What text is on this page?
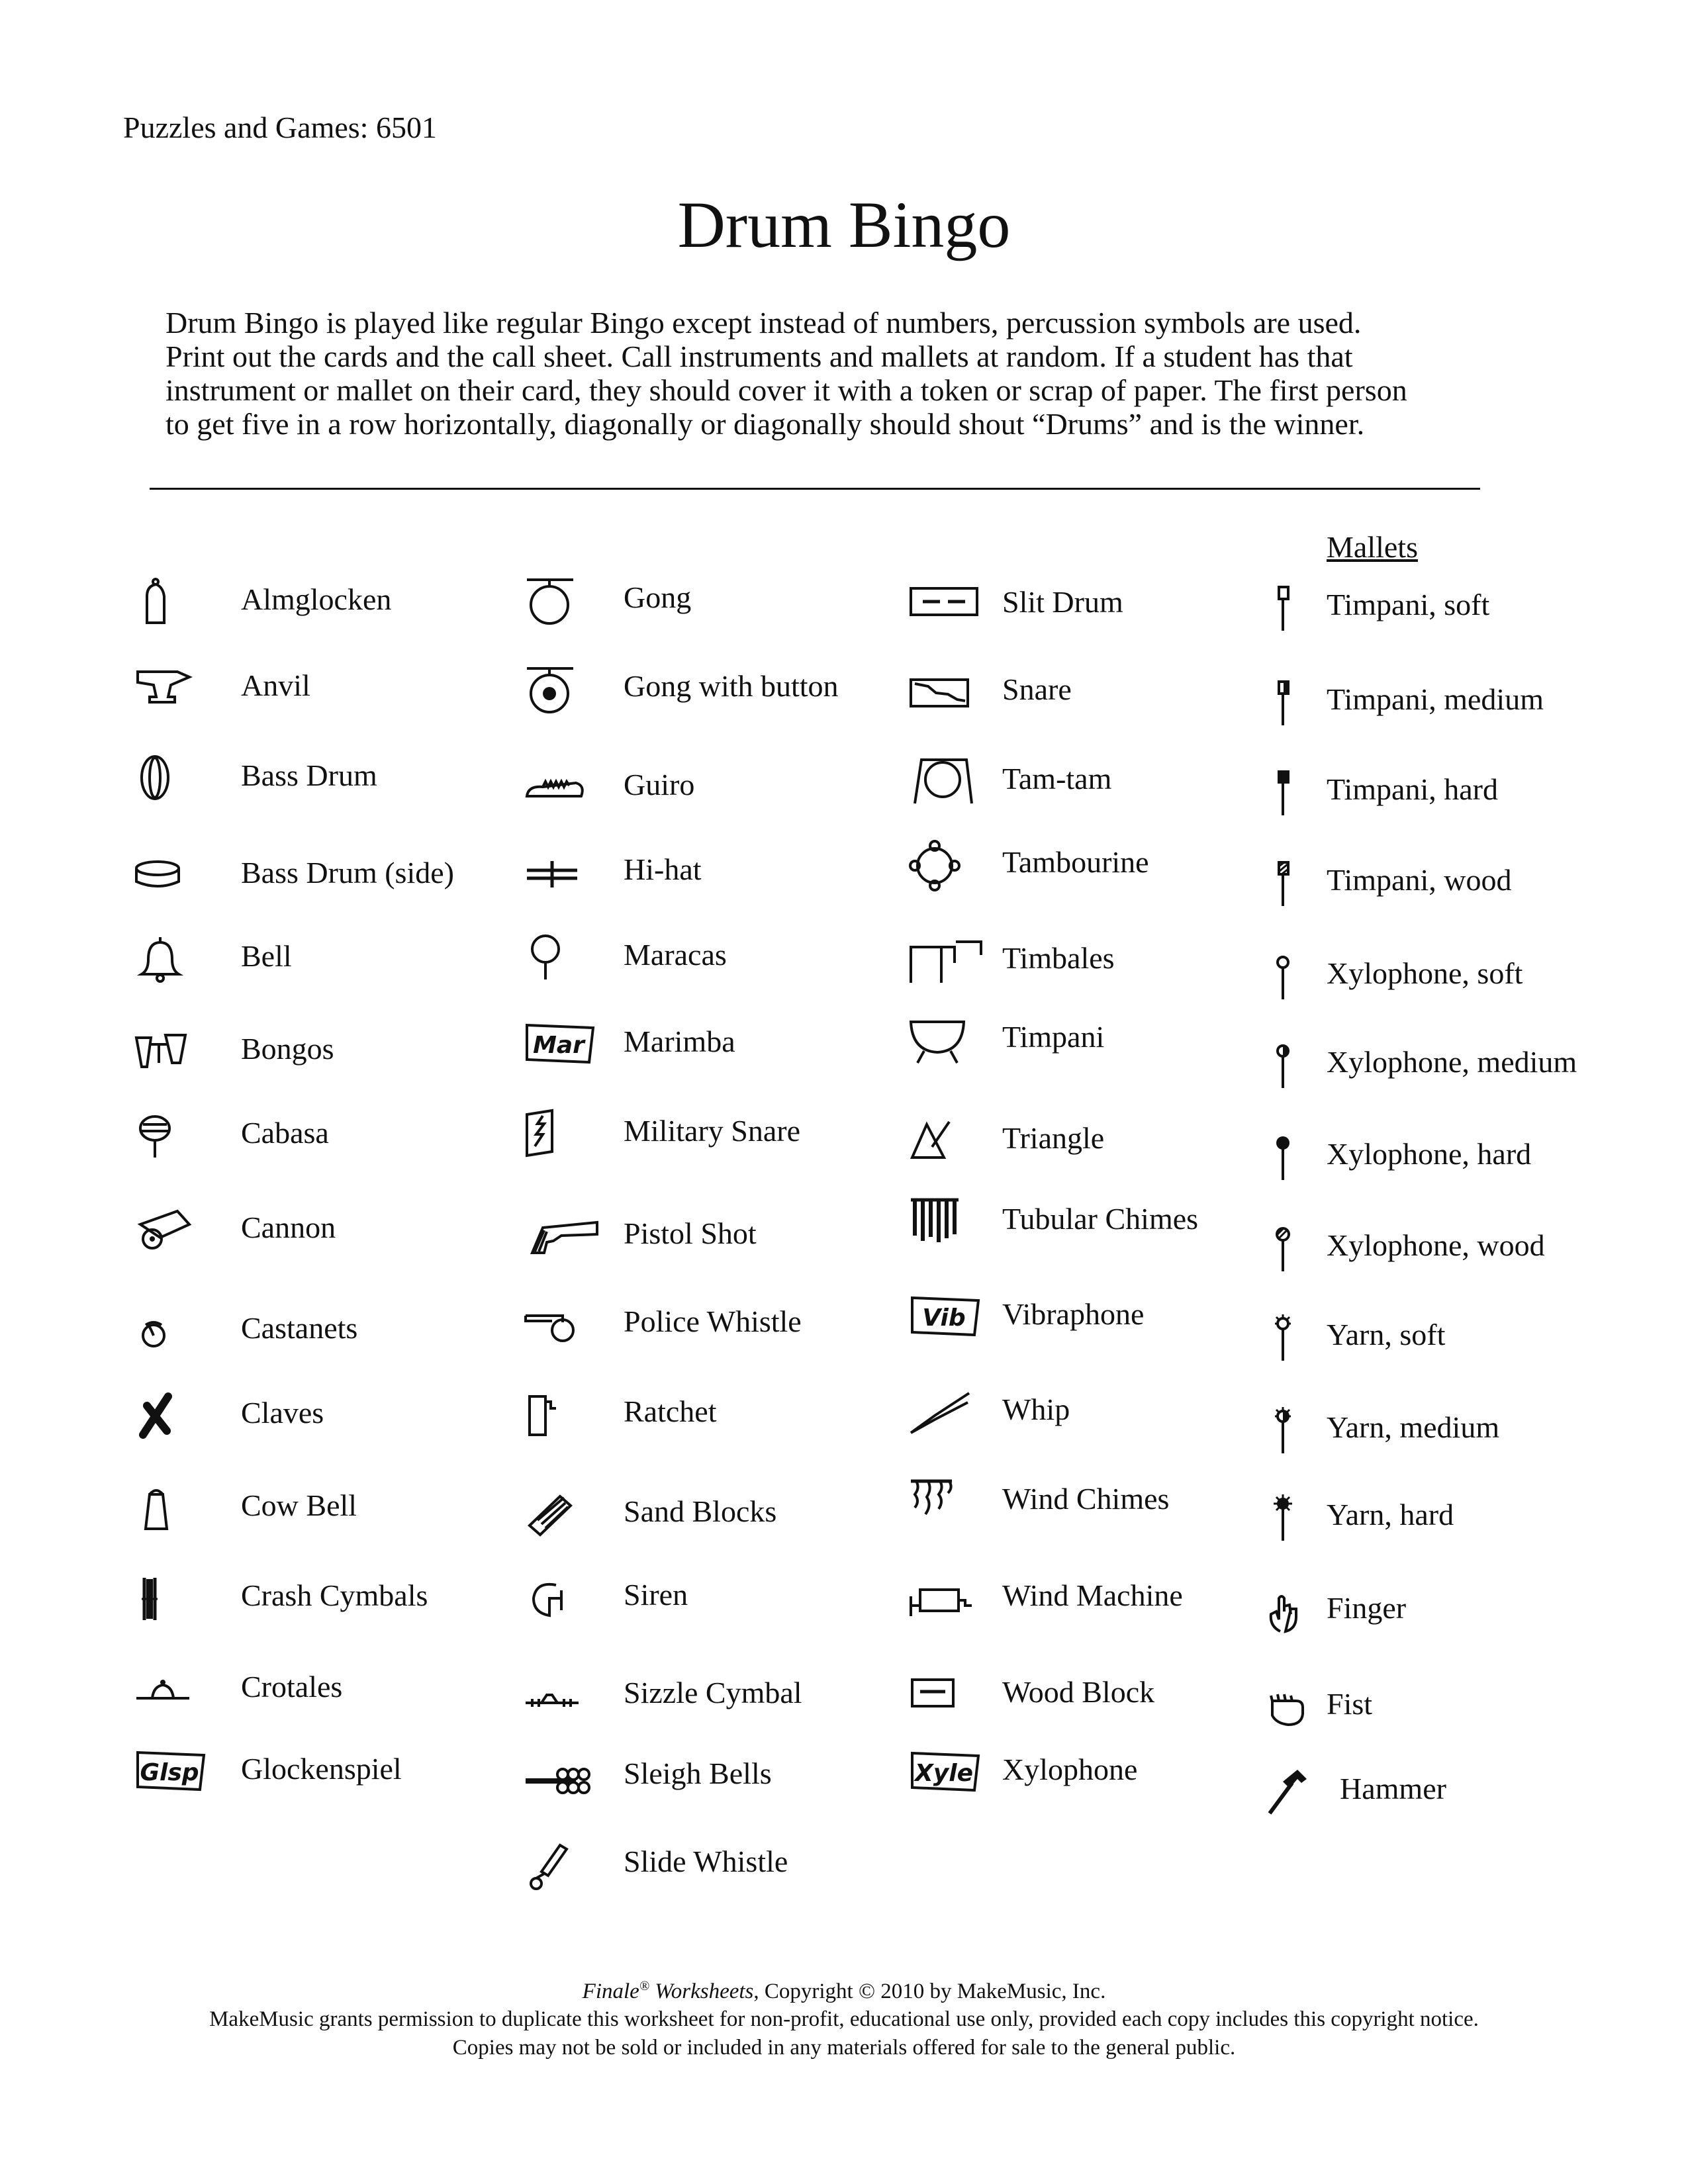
Puzzles and Games: 6501
Drum Bingo
Drum Bingo is played like regular Bingo except instead of numbers, percussion symbols are used.
Print out the cards and the call sheet. Call instruments and mallets at random. If a student has that
instrument or mallet on their card, they should cover it with a token or scrap of paper. The first person
to get five in a row horizontally, diagonally or diagonally should shout “Drums” and is the winner.
Mallets
Almglocken
Anvil
Bass Drum
Bass Drum (side)
Bell
Bongos
Cabasa
Cannon
Castanets
Claves
Cow Bell
Crash Cymbals
Crotales
Glsp Glockenspiel
Gong
Gong with button
Guiro
Hi-hat
Maracas
Mar Marimba
Military Snare
Pistol Shot
Police Whistle
Ratchet
Sand Blocks
Siren
Sizzle Cymbal
Sleigh Bells
Slide Whistle
Slit Drum
Snare
Tam-tam
Tambourine
Timbales
Timpani
Triangle
Tubular Chimes
Vib Vibraphone
Whip
Wind Chimes
Wind Machine
Wood Block
Xyle Xylophone
Timpani, soft
Timpani, medium
Timpani, hard
Timpani, wood
Xylophone, soft
Xylophone, medium
Xylophone, hard
Xylophone, wood
Yarn, soft
Yarn, medium
Yarn, hard
Finger
Fist
Hammer
Finale® Worksheets, Copyright © 2010 by MakeMusic, Inc.
MakeMusic grants permission to duplicate this worksheet for non-profit, educational use only, provided each copy includes this copyright notice.
Copies may not be sold or included in any materials offered for sale to the general public.
